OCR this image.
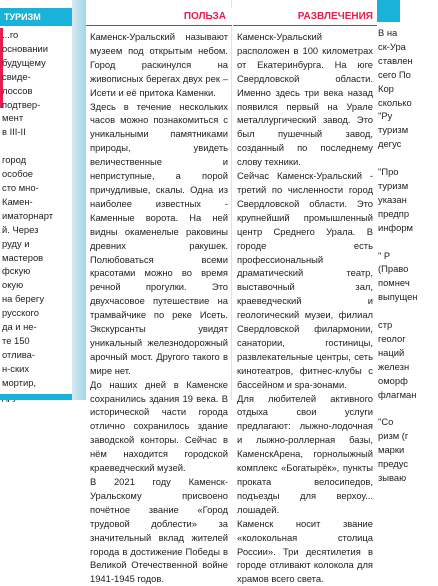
ТУРИЗМ
...го
основании
будущему
свиде-
лоссов
подтвер-
мент
в III-II

город
особое
сто мно-
Камен-
иматорнарт
й. Через
руду и
мастеров
фскую
окую
на берегу
русского
да и не-
те 150
отлива-
н-ских
мортир,

ПОЛЬЗА
Каменск-Уральский называют музеем под открытым небом. Город раскинулся на живописных берегах двух рек – Исети и её притока Каменки.
Здесь в течение нескольких часов можно познакомиться с уникальными памятниками природы, увидеть величественные и неприступные, а порой причудливые, скалы. Одна из наиболее известных - Каменные ворота. На ней видны окаменелые раковины древних ракушек. Полюбоваться всеми красотами можно во время речной прогулки. Это двухчасовое путешествие на трамвайчике по реке Исеть. Экскурсанты увидят уникальный железнодорожный арочный мост. Другого такого в мире нет.
До наших дней в Каменске сохранились здания 19 века. В исторической части города отлично сохранилось здание заводской конторы. Сейчас в нём находится городской краеведческий музей.
В 2021 году Каменск-Уральскому присвоено почётное звание «Город трудовой доблести» за значительный вклад жителей города в достижение Победы в Великой Отечественной войне 1941-1945 годов.
РАЗВЛЕЧЕНИЯ
Каменск-Уральский расположен в 100 километрах от Екатеринбурга. На юге Свердловской области. Именно здесь три века назад появился первый на Урале металлургический завод. Это был пушечный завод, созданный по последнему слову техники.
Сейчас Каменск-Уральский - третий по численности город Свердловской области. Это крупнейший промышленный центр Среднего Урала. В городе есть профессиональный драматический театр, выставочный зал, краеведческий и геологический музеи, филиал Свердловской филармонии, санатории, гостиницы, развлекательные центры, сеть кинотеатров, фитнес-клубы с бассейном и spa-зонами.
Для любителей активного отдыха свои услуги предлагают: лыжно-лодочная и лыжно-роллерная базы, КаменскАрена, горнолыжный комплекс «Богатырёк», пункты проката велосипедов, подъезды для верхоу... лошадей.
Каменск носит звание «колокольная столица России». Три десятилетия в городе отливают колокола для храмов всего света.
В на
ск-Ура
ставлен
сего По
Кор
сколько
"Ру
туризм
дегус

"Про
туризм
указан
предпр
информ

" Р
(Право
помнеч
выпущен

стр
геолог
наций
железн
оморф
флагман

"Со
ризм (г
марки
предус
зываю
